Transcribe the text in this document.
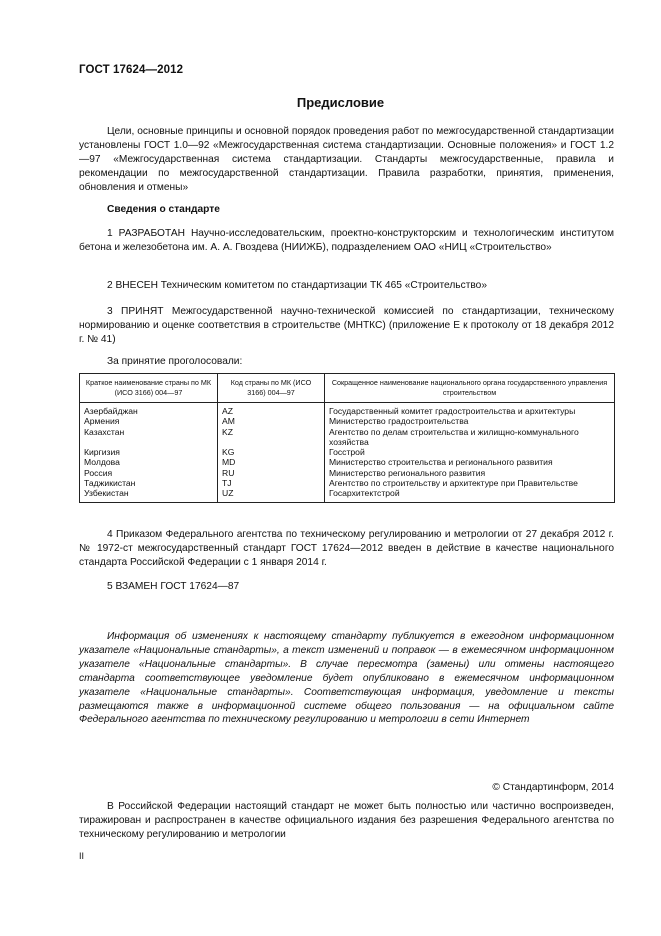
ГОСТ 17624—2012
Предисловие

Цели, основные принципы и основной порядок проведения работ по межгосударственной стандартизации установлены ГОСТ 1.0—92 «Межгосударственная система стандартизации. Основные положения» и ГОСТ 1.2—97 «Межгосударственная система стандартизации. Стандарты межгосударственные, правила и рекомендации по межгосударственной стандартизации. Правила разработки, принятия, применения, обновления и отмены»

Сведения о стандарте

1 РАЗРАБОТАН Научно-исследовательским, проектно-конструкторским и технологическим институтом бетона и железобетона им. А. А. Гвоздева (НИИЖБ), подразделением ОАО «НИЦ «Строительство»

2 ВНЕСЕН Техническим комитетом по стандартизации ТК 465 «Строительство»

3 ПРИНЯТ Межгосударственной научно-технической комиссией по стандартизации, техническому нормированию и оценке соответствия в строительстве (МНТКС) (приложение Е к протоколу от 18 декабря 2012 г. № 41)

За принятие проголосовали:
Краткое наименование страны по МК (ИСО 3166) 004—97	Код страны по МК (ИСО 3166) 004—97	Сокращенное наименование национального органа государственного управления строительством
Азербайджан	AZ	Государственный комитет градостроительства и архитектуры
Армения	AM	Министерство градостроительства
Казахстан	KZ	Агентство по делам строительства и жилищно-коммунального хозяйства
Киргизия	KG	Госстрой
Молдова	MD	Министерство строительства и регионального развития
Россия	RU	Министерство регионального развития
Таджикистан	TJ	Агентство по строительству и архитектуре при Правительстве
Узбекистан	UZ	Госархитектстрой

4 Приказом Федерального агентства по техническому регулированию и метрологии от 27 декабря 2012 г. № 1972-ст межгосударственный стандарт ГОСТ 17624—2012 введен в действие в качестве национального стандарта Российской Федерации с 1 января 2014 г.

5 ВЗАМЕН ГОСТ 17624—87

Информация об изменениях к настоящему стандарту публикуется в ежегодном информационном указателе «Национальные стандарты», а текст изменений и поправок — в ежемесячном информационном указателе «Национальные стандарты». В случае пересмотра (замены) или отмены настоящего стандарта соответствующее уведомление будет опубликовано в ежемесячном информационном указателе «Национальные стандарты». Соответствующая информация, уведомление и тексты размещаются также в информационной системе общего пользования — на официальном сайте Федерального агентства по техническому регулированию и метрологии в сети Интернет

© Стандартинформ, 2014

В Российской Федерации настоящий стандарт не может быть полностью или частично воспроизведен, тиражирован и распространен в качестве официального издания без разрешения Федерального агентства по техническому регулированию и метрологии

II
